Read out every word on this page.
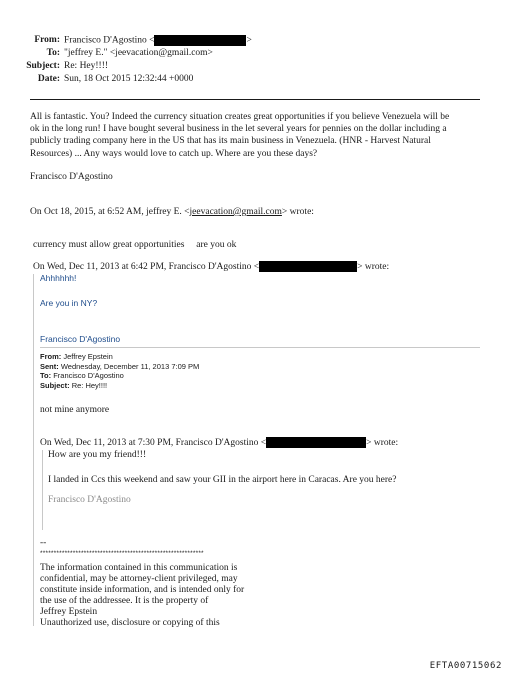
From: Francisco D'Agostino <	>
To: "jeffrey E." <jeevacation@gmail.com>
Subject: Re: Hey!!!!
Date: Sun, 18 Oct 2015 12:32:44 +0000
All is fantastic. You? Indeed the currency situation creates great opportunities if you believe Venezuela will be
ok in the long run! I have bought several business in the let several years for pennies on the dollar including a
publicly trading company here in the US that has its main business in Venezuela. (HNR - Harvest Natural
Resources) ... Any ways would love to catch up. Where are you these days?
Francisco D'Agostino
On Oct 18, 2015, at 6:52 AM, jeffrey E. <jeevacation@gmail.com> wrote:
currency must allow great opportunities     are you ok
On Wed, Dec 11, 2013 at 6:42 PM, Francisco D'Agostino <	> wrote:
Ahhhhhh!
Are you in NY?
Francisco D'Agostino
From: Jeffrey Epstein
Sent: Wednesday, December 11, 2013 7:09 PM
To: Francisco D'Agostino
Subject: Re: Hey!!!!
not mine anymore
On Wed, Dec 11, 2013 at 7:30 PM, Francisco D'Agostino <	> wrote:
How are you my friend!!!
I landed in Ccs this weekend and saw your GII in the airport here in Caracas. Are you here?
Francisco D'Agostino
--
************************************************************
The information contained in this communication is
confidential, may be attorney-client privileged, may
constitute inside information, and is intended only for
the use of the addressee. It is the property of
Jeffrey Epstein
Unauthorized use, disclosure or copying of this
EFTA00715062
